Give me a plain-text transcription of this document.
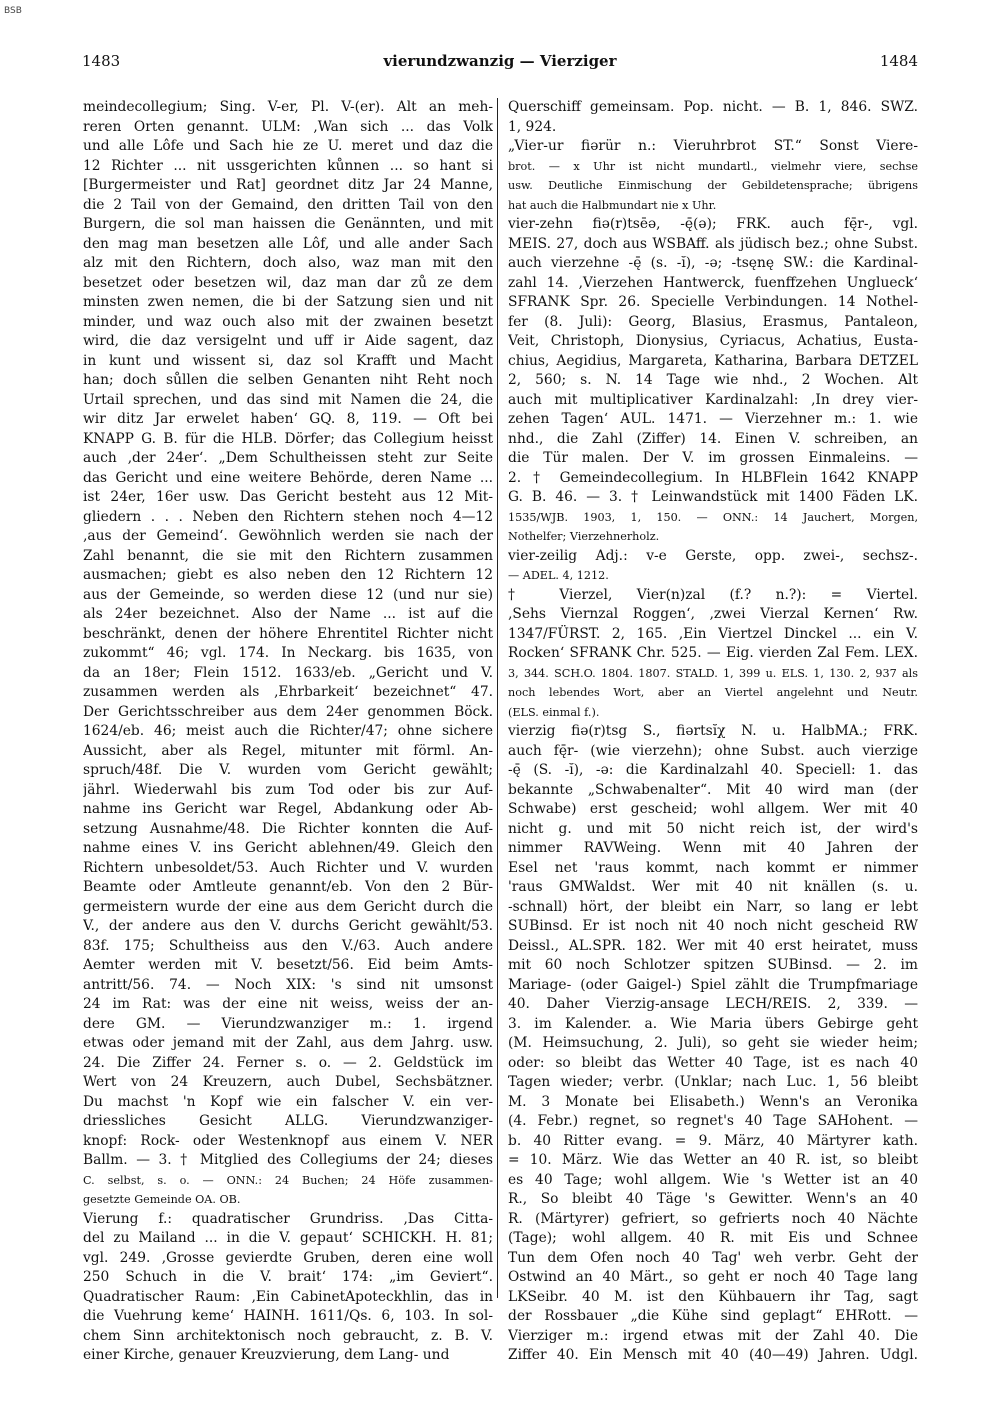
BSB
1483	vierundzwanzig — Vierziger	1484
meindecollegium; Sing. V-er, Pl. V-(er). Alt an meh-
reren Orten genannt. ULM: ‚Wan sich ... das Volk
und alle Lôfe und Sach hie ze U. meret und daz die
12 Richter ... nit ussgerichten kůnnen ... so hant si
[Burgermeister und Rat] geordnet ditz Jar 24 Manne,
die 2 Tail von der Gemaind, den dritten Tail von den
Burgern, die sol man haissen die Genännten, und mit
den mag man besetzen alle Lôf, und alle ander Sach
alz mit den Richtern, doch also, waz man mit den
besetzet oder besetzen wil, daz man dar zů ze dem
minsten zwen nemen, die bi der Satzung sien und nit
minder, und waz ouch also mit der zwainen besetzt
wird, die daz versigelnt und uff ir Aide sagent, daz
in kunt und wissent si, daz sol Krafft und Macht
han; doch sůllen die selben Genanten niht Reht noch
Urtail sprechen, und das sind mit Namen die 24, die
wir ditz Jar erwelet haben‘ GQ. 8, 119. — Oft bei
KNAPP G. B. für die HLB. Dörfer; das Collegium heisst
auch ‚der 24er‘. „Dem Schultheissen steht zur Seite
das Gericht und eine weitere Behörde, deren Name ...
ist 24er, 16er usw. Das Gericht besteht aus 12 Mit-
gliedern . . . Neben den Richtern stehen noch 4—12
‚aus der Gemeind‘. Gewöhnlich werden sie nach der
Zahl benannt, die sie mit den Richtern zusammen
ausmachen; giebt es also neben den 12 Richtern 12
aus der Gemeinde, so werden diese 12 (und nur sie)
als 24er bezeichnet. Also der Name ... ist auf die
beschränkt, denen der höhere Ehrentitel Richter nicht
zukommt“ 46; vgl. 174. In Neckarg. bis 1635, von
da an 18er; Flein 1512. 1633/eb. „Gericht und V.
zusammen werden als ‚Ehrbarkeit‘ bezeichnet“ 47.
Der Gerichtsschreiber aus dem 24er genommen Böck.
1624/eb. 46; meist auch die Richter/47; ohne sichere
Aussicht, aber als Regel, mitunter mit förml. An-
spruch/48f. Die V. wurden vom Gericht gewählt;
jährl. Wiederwahl bis zum Tod oder bis zur Auf-
nahme ins Gericht war Regel, Abdankung oder Ab-
setzung Ausnahme/48. Die Richter konnten die Auf-
nahme eines V. ins Gericht ablehnen/49. Gleich den
Richtern unbesoldet/53. Auch Richter und V. wurden
Beamte oder Amtleute genannt/eb. Von den 2 Bür-
germeistern wurde der eine aus dem Gericht durch die
V., der andere aus den V. durchs Gericht gewählt/53.
83f. 175; Schultheiss aus den V./63. Auch andere
Aemter werden mit V. besetzt/56. Eid beim Amts-
antritt/56. 74. — Noch XIX: 's sind nit umsonst
24 im Rat: was der eine nit weiss, weiss der an-
dere GM. — Vierundzwanziger m.: 1. irgend
etwas oder jemand mit der Zahl, aus dem Jahrg. usw.
24. Die Ziffer 24. Ferner s. o. — 2. Geldstück im
Wert von 24 Kreuzern, auch Dubel, Sechsbätzner.
Du machst 'n Kopf wie ein falscher V. ein ver-
driessliches Gesicht ALLG. Vierundzwanziger-
knopf: Rock- oder Westenknopf aus einem V. NER
Ballm. — 3. † Mitglied des Collegiums der 24; dieses
C. selbst, s. o. — ONN.: 24 Buchen; 24 Höfe zusammen-
gesetzte Gemeinde OA. OB.
Vierung f.: quadratischer Grundriss. ‚Das Citta-
del zu Mailand ... in die V. gepaut‘ SCHICKH. H. 81;
vgl. 249. ‚Grosse gevierdte Gruben, deren eine woll
250 Schuch in die V. brait‘ 174: „im Geviert“.
Quadratischer Raum: ‚Ein CabinetApoteckhlin, das in
die Vuehrung keme‘ HAINH. 1611/Qs. 6, 103. In sol-
chem Sinn architektonisch noch gebraucht, z. B. V.
einer Kirche, genauer Kreuzvierung, dem Lang- und
Querschiff gemeinsam. Pop. nicht. — B. 1, 846. SWZ.
1, 924.
„Vier-ur fiərür n.: Vieruhrbrot ST.“ Sonst Viere-
brot. — x Uhr ist nicht mundartl., vielmehr viere, sechse
usw. Deutliche Einmischung der Gebildetensprache; übrigens
hat auch die Halbmundart nie x Uhr.
vier-zehn fiə(r)tsēə, -ę̄(ə); FRK. auch fę̄r-, vgl.
MEIS. 27, doch aus WSBAff. als jüdisch bez.; ohne Subst.
auch vierzehne -ę̄ (s. -ĭ), -ə; -tsęnę SW.: die Kardinal-
zahl 14. ‚Vierzehen Hantwerck, fuenffzehen Unglueck‘
SFRANK Spr. 26. Specielle Verbindungen. 14 Nothel-
fer (8. Juli): Georg, Blasius, Erasmus, Pantaleon,
Veit, Christoph, Dionysius, Cyriacus, Achatius, Eusta-
chius, Aegidius, Margareta, Katharina, Barbara DETZEL
2, 560; s. N. 14 Tage wie nhd., 2 Wochen. Alt
auch mit multiplicativer Kardinalzahl: ‚In drey vier-
zehen Tagen‘ AUL. 1471. — Vierzehner m.: 1. wie
nhd., die Zahl (Ziffer) 14. Einen V. schreiben, an
die Tür malen. Der V. im grossen Einmaleins. —
2. † Gemeindecollegium. In HLBFlein 1642 KNAPP
G. B. 46. — 3. † Leinwandstück mit 1400 Fäden LK.
1535/WJB. 1903, 1, 150. — ONN.: 14 Jauchert, Morgen,
Nothelfer; Vierzehnerholz.
vier-zeilig Adj.: v-e Gerste, opp. zwei-, sechsz-.
— ADEL. 4, 1212.
† Vierzel, Vier(n)zal (f.? n.?): = Viertel.
‚Sehs Viernzal Roggen‘, ‚zwei Vierzal Kernen‘ Rw.
1347/FÜRST. 2, 165. ‚Ein Viertzel Dinckel ... ein V.
Rocken‘ SFRANK Chr. 525. — Eig. vierden Zal Fem. LEX.
3, 344. SCH.O. 1804. 1807. STALD. 1, 399 u. ELS. 1, 130. 2, 937 als
noch lebendes Wort, aber an Viertel angelehnt und Neutr.
(ELS. einmal f.).
vierzig fiə(r)tsg S., fiərtsĭχ N. u. HalbMA.; FRK.
auch fę̄r- (wie vierzehn); ohne Subst. auch vierzige
-ę̄ (S. -ĭ), -ə: die Kardinalzahl 40. Speciell: 1. das
bekannte „Schwabenalter“. Mit 40 wird man (der
Schwabe) erst gescheid; wohl allgem. Wer mit 40
nicht g. und mit 50 nicht reich ist, der wird's
nimmer RAVWeing. Wenn mit 40 Jahren der
Esel net 'raus kommt, nach kommt er nimmer
'raus GMWaldst. Wer mit 40 nit knällen (s. u.
-schnall) hört, der bleibt ein Narr, so lang er lebt
SUBinsd. Er ist noch nit 40 noch nicht gescheid RW
Deissl., AL.SPR. 182. Wer mit 40 erst heiratet, muss
mit 60 noch Schlotzer spitzen SUBinsd. — 2. im
Mariage- (oder Gaigel-) Spiel zählt die Trumpfmariage
40. Daher Vierzig-ansage LECH/REIS. 2, 339. —
3. im Kalender. a. Wie Maria übers Gebirge geht
(M. Heimsuchung, 2. Juli), so geht sie wieder heim;
oder: so bleibt das Wetter 40 Tage, ist es nach 40
Tagen wieder; verbr. (Unklar; nach Luc. 1, 56 bleibt
M. 3 Monate bei Elisabeth.) Wenn's an Veronika
(4. Febr.) regnet, so regnet's 40 Tage SAHohent. —
b. 40 Ritter evang. = 9. März, 40 Märtyrer kath.
= 10. März. Wie das Wetter an 40 R. ist, so bleibt
es 40 Tage; wohl allgem. Wie 's Wetter ist an 40
R., So bleibt 40 Täge 's Gewitter. Wenn's an 40
R. (Märtyrer) gefriert, so gefrierts noch 40 Nächte
(Tage); wohl allgem. 40 R. mit Eis und Schnee
Tun dem Ofen noch 40 Tag' weh verbr. Geht der
Ostwind an 40 Märt., so geht er noch 40 Tage lang
LKSeibr. 40 M. ist den Kühbauern ihr Tag, sagt
der Rossbauer „die Kühe sind geplagt“ EHRott. —
Vierziger m.: irgend etwas mit der Zahl 40. Die
Ziffer 40. Ein Mensch mit 40 (40—49) Jahren. Udgl.
